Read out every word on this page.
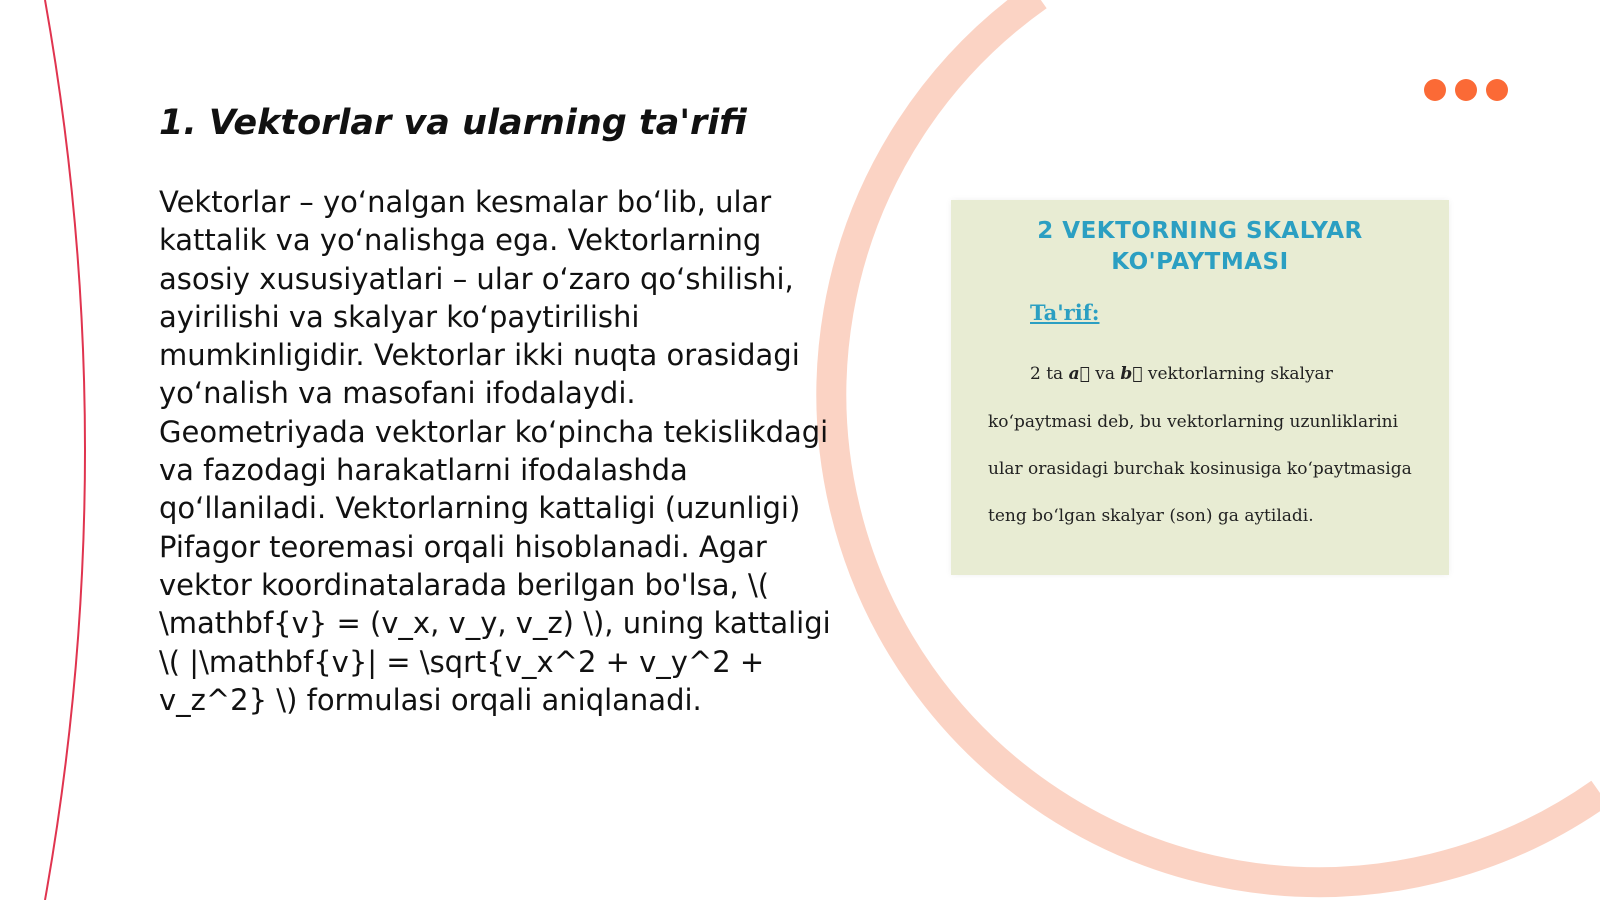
1. Vektorlar va ularning ta'rifi

Vektorlar – yo‘nalgan kesmalar bo‘lib, ular kattalik va yo‘nalishga ega. Vektorlarning asosiy xususiyatlari – ular o‘zaro qo‘shilishi, ayirilishi va skalyar ko‘paytirilishi mumkinligidir. Vektorlar ikki nuqta orasidagi yo‘nalish va masofani ifodalaydi. Geometriyada vektorlar ko‘pincha tekislikdagi va fazodagi harakatlarni ifodalashda qo‘llaniladi. Vektorlarning kattaligi (uzunligi) Pifagor teoremasi orqali hisoblanadi. Agar vektor koordinatalarada berilgan bo'lsa, \( \mathbf{v} = (v_x, v_y, v_z) \), uning kattaligi \( |\mathbf{v}| = \sqrt{v_x^2 + v_y^2 + v_z^2} \) formulasi orqali aniqlanadi.

2 VEKTORNING SKALYAR
KO'PAYTMASI
Ta'rif:
2 ta a⃗ va b⃗ vektorlarning skalyar
ko‘paytmasi deb, bu vektorlarning uzunliklarini
ular orasidagi burchak kosinusiga ko‘paytmasiga
teng bo‘lgan skalyar (son) ga aytiladi.
